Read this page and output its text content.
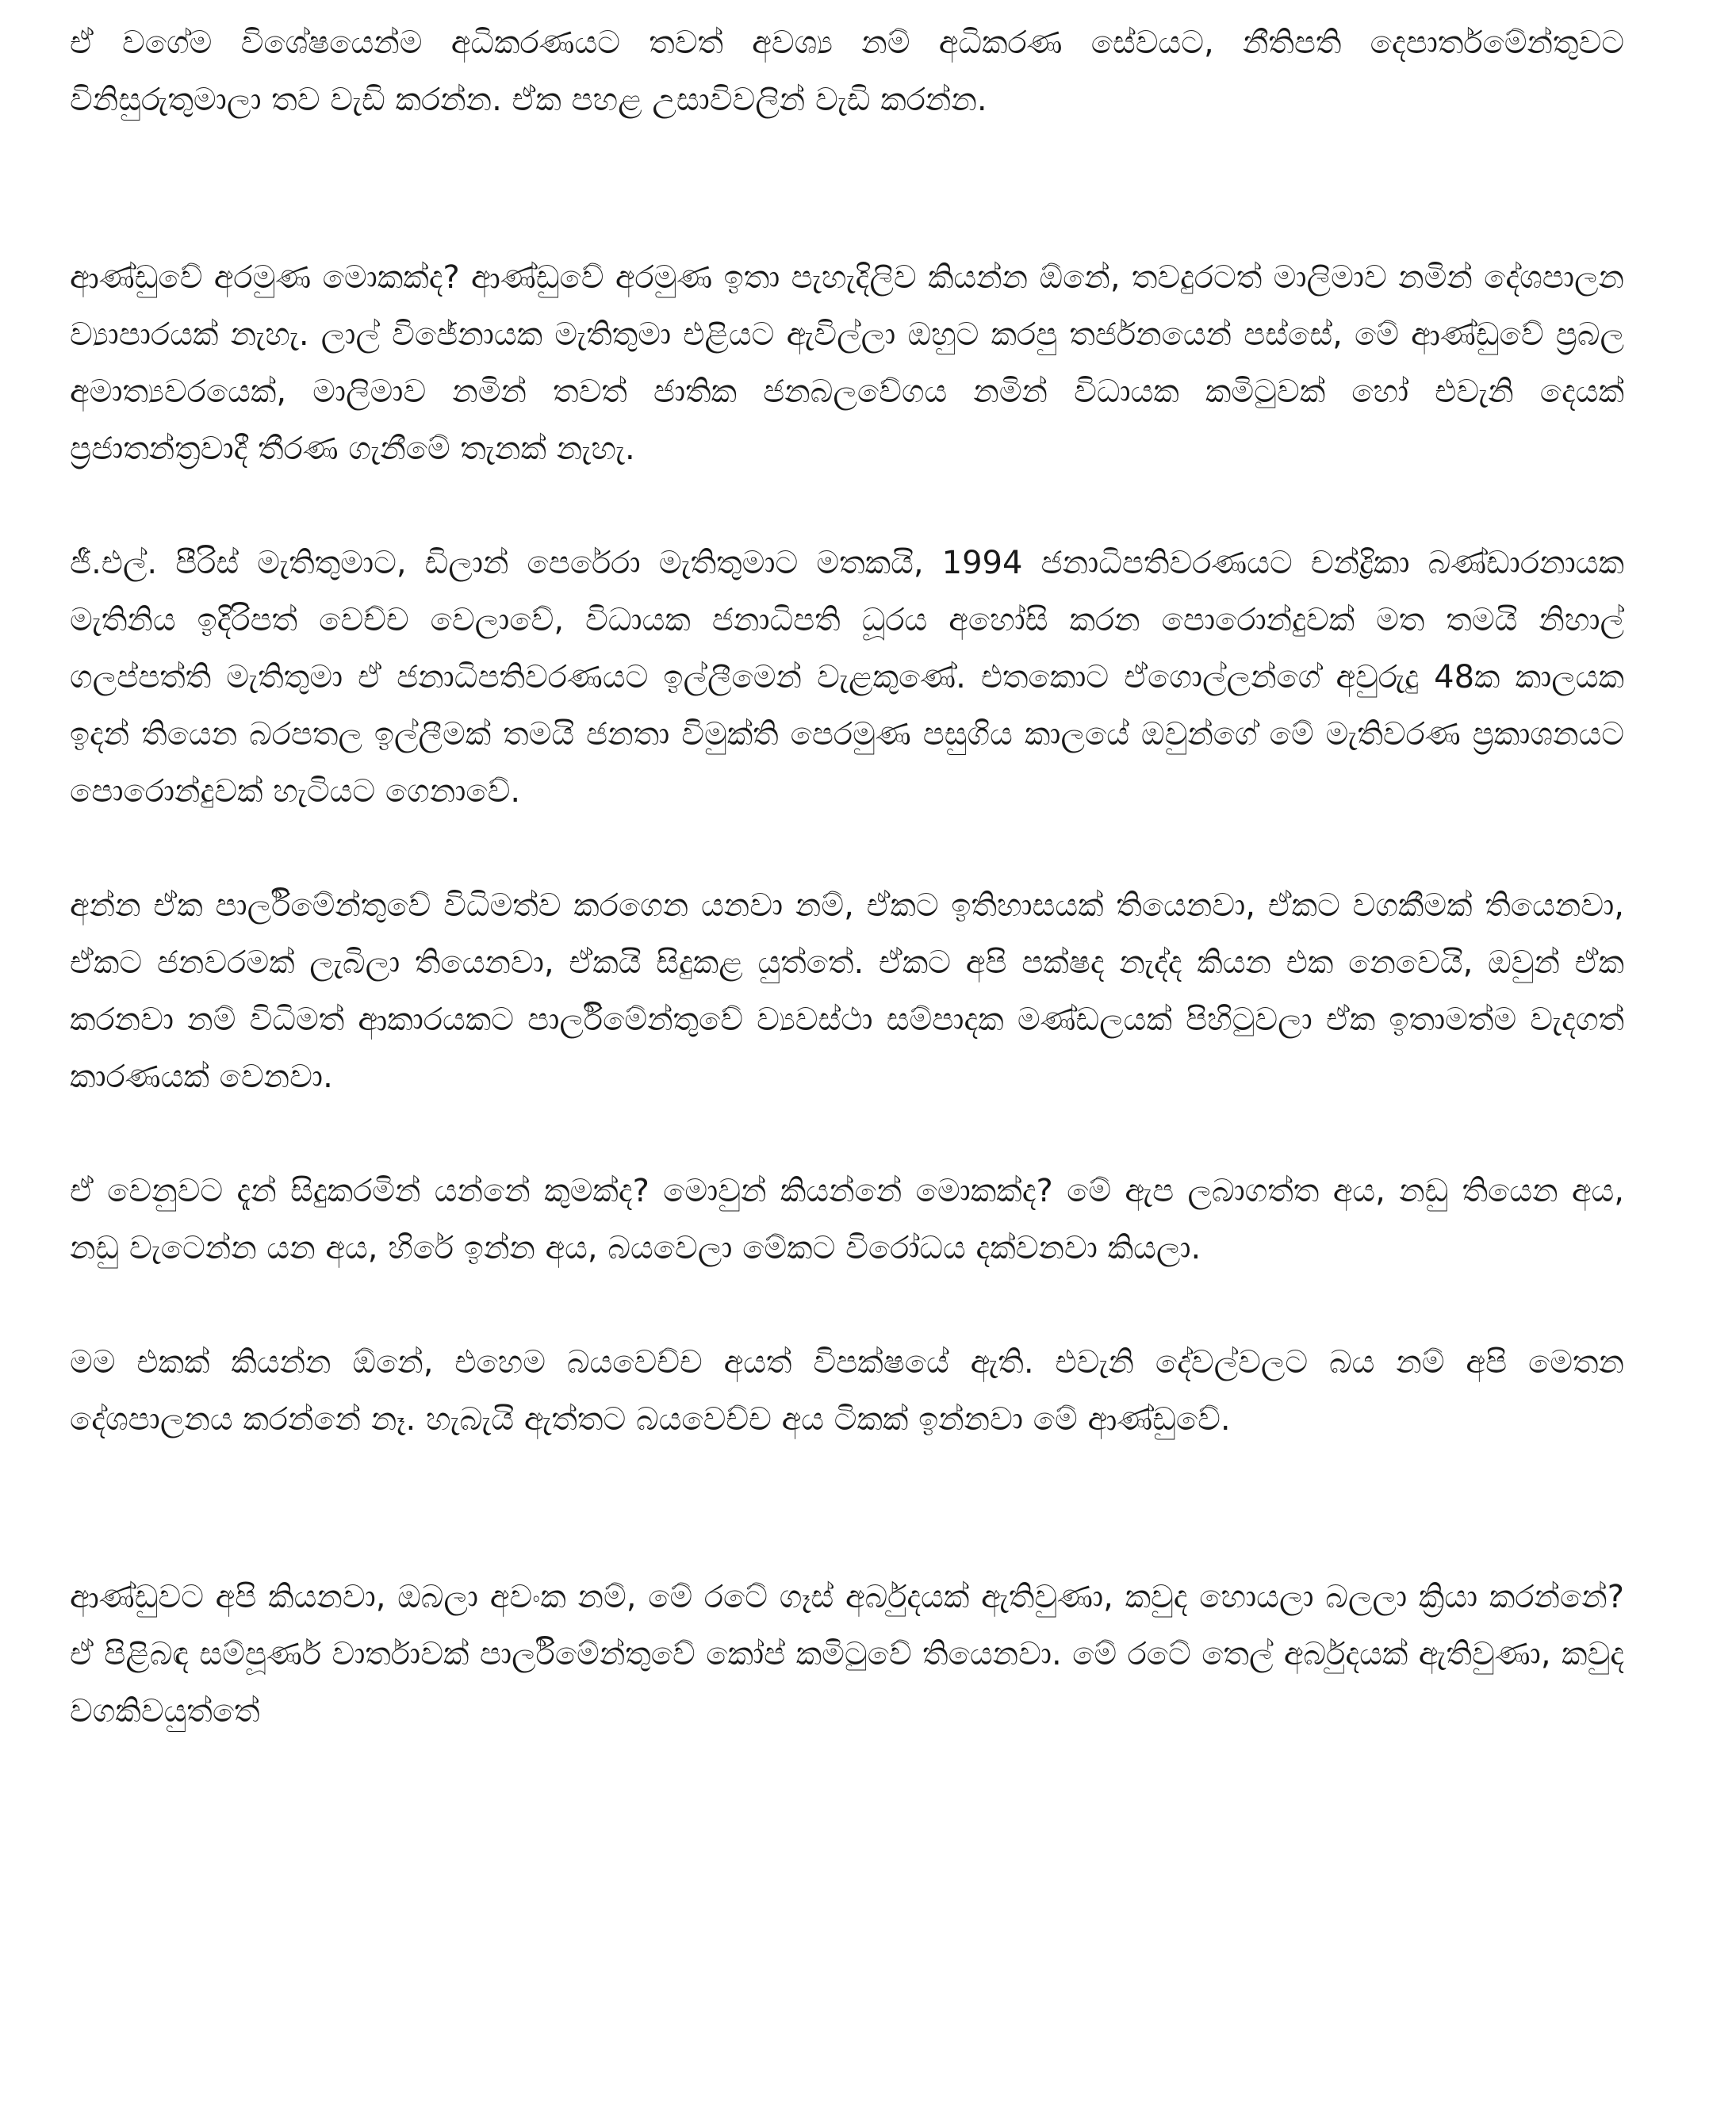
ඒ වගේම විශේෂයෙන්ම අධිකරණයට තවත් අවශ්‍ය නම් අධිකරණ සේවයට, නීතිපති දෙපාර්තමේන්තුවට විනිසුරුතුමාලා තව වැඩි කරන්න. ඒක පහළ උසාවිවලින් වැඩි කරන්න.

ආණ්ඩුවේ අරමුණ මොකක්ද? ආණ්ඩුවේ අරමුණ ඉතා පැහැදිලිව කියන්න ඕනේ, තවදුරටත් මාලිමාව නමින් දේශපාලන ව්‍යාපාරයක් නැහැ. ලාල් විජේනායක මැතිතුමා එළියට ඇවිල්ලා ඔහුට කරපු තර්ජනයෙන් පස්සේ, මේ ආණ්ඩුවේ ප්‍රබල අමාත්‍යවරයෙක්, මාලිමාව නමින් තවත් ජාතික ජනබලවේගය නමින් විධායක කමිටුවක් හෝ එවැනි දෙයක් ප්‍රජාතන්ත්‍රවාදී තීරණ ගැනීමේ තැනක් නැහැ.

ජී.එල්. පීරිස් මැතිතුමාට, ඩිලාන් පෙරේරා මැතිතුමාට මතකයි, 1994 ජනාධිපතිවරණයට චන්ද්‍රිකා බණ්ඩාරනායක මැතිනිය ඉදිරිපත් වෙච්ච වෙලාවේ, විධායක ජනාධිපති ධූරය අහෝසි කරන පොරොන්දුවක් මත තමයි නිහාල් ගලප්පත්ති මැතිතුමා ඒ ජනාධිපතිවරණයට ඉල්ලීමෙන් වැළකුණේ. එතකොට ඒගොල්ලන්ගේ අවුරුදු 48ක කාලයක ඉදන් තියෙන බරපතල ඉල්ලීමක් තමයි ජනතා විමුක්ති පෙරමුණ පසුගිය කාලයේ ඔවුන්ගේ මේ මැතිවරණ ප්‍රකාශනයට පොරොන්දුවක් හැටියට ගෙනාවේ.

අන්න ඒක පාර්ලිමේන්තුවේ විධිමත්ව කරගෙන යනවා නම්, ඒකට ඉතිහාසයක් තියෙනවා, ඒකට වගකීමක් තියෙනවා, ඒකට ජනවරමක් ලැබිලා තියෙනවා, ඒකයි සිදුකළ යුත්තේ. ඒකට අපි පක්ෂද නැද්ද කියන එක නෙවෙයි, ඔවුන් ඒක කරනවා නම් විධිමත් ආකාරයකට පාර්ලිමේන්තුවේ ව්‍යවස්ථා සම්පාදක මණ්ඩලයක් පිහිටුවලා ඒක ඉතාමත්ම වැදගත් කාරණයක් වෙනවා.

ඒ වෙනුවට දැන් සිදුකරමින් යන්නේ කුමක්ද? මොවුන් කියන්නේ මොකක්ද? මේ ඇප ලබාගත්ත අය, නඩු තියෙන අය, නඩු වැටෙන්න යන අය, හිරේ ඉන්න අය, බයවෙලා මේකට විරෝධය දක්වනවා කියලා.

මම එකක් කියන්න ඕනේ, එහෙම බයවෙච්ච අයත් විපක්ෂයේ ඇති. එවැනි දේවල්වලට බය නම් අපි මෙතන දේශපාලනය කරන්නේ නෑ. හැබැයි ඇත්තට බයවෙච්ච අය ටිකක් ඉන්නවා මේ ආණ්ඩුවේ.

ආණ්ඩුවට අපි කියනවා, ඔබලා අවංක නම්, මේ රටේ ගෑස් අර්බුදයක් ඇතිවුණා, කවුද හොයලා බලලා ක්‍රියා කරන්නේ? ඒ පිළිබඳ සම්පූර්ණ වාර්තාවක් පාර්ලිමේන්තුවේ කෝප් කමිටුවේ තියෙනවා. මේ රටේ තෙල් අර්බුදයක් ඇතිවුණා, කවුද වගකිවයුත්තේ
